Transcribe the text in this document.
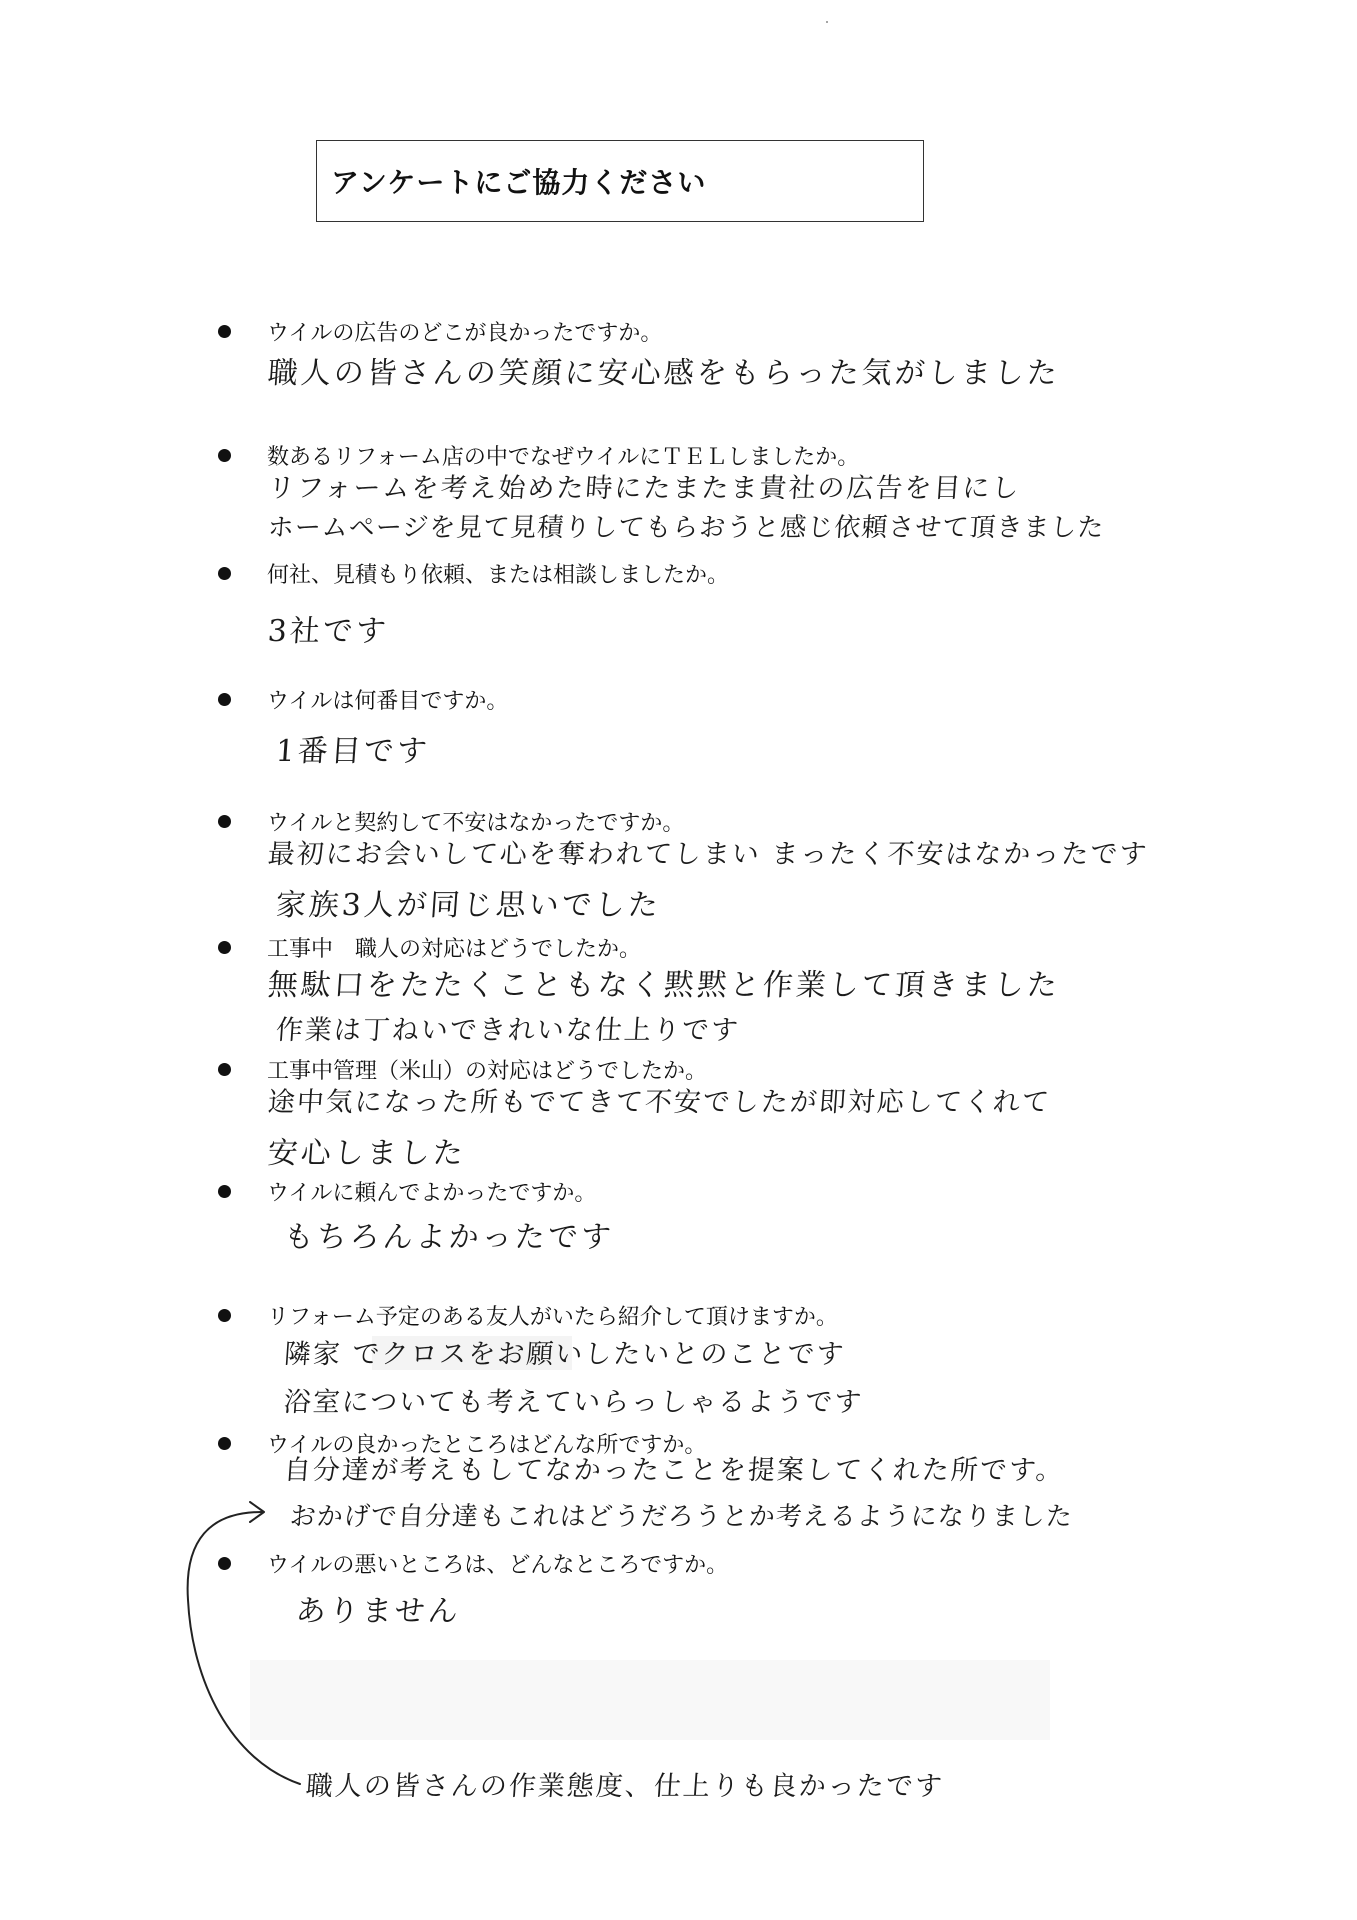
アンケートにご協力ください
ウイルの広告のどこが良かったですか。
職人の皆さんの笑顔に安心感をもらった気がしました
数あるリフォーム店の中でなぜウイルにＴＥＬしましたか。
リフォームを考え始めた時にたまたま貴社の広告を目にし
ホームページを見て見積りしてもらおうと感じ依頼させて頂きました
何社、見積もり依頼、または相談しましたか。
3社です
ウイルは何番目ですか。
1番目です
ウイルと契約して不安はなかったですか。
最初にお会いして心を奪われてしまい まったく不安はなかったです
家族3人が同じ思いでした
工事中　職人の対応はどうでしたか。
無駄口をたたくこともなく黙黙と作業して頂きました
作業は丁ねいできれいな仕上りです
工事中管理（米山）の対応はどうでしたか。
途中気になった所もでてきて不安でしたが即対応してくれて
安心しました
ウイルに頼んでよかったですか。
もちろんよかったです
リフォーム予定のある友人がいたら紹介して頂けますか。
隣家 でクロスをお願いしたいとのことです
浴室についても考えていらっしゃるようです
ウイルの良かったところはどんな所ですか。
自分達が考えもしてなかったことを提案してくれた所です。
おかげで自分達もこれはどうだろうとか考えるようになりました
ウイルの悪いところは、どんなところですか。
ありません
職人の皆さんの作業態度、仕上りも良かったです
